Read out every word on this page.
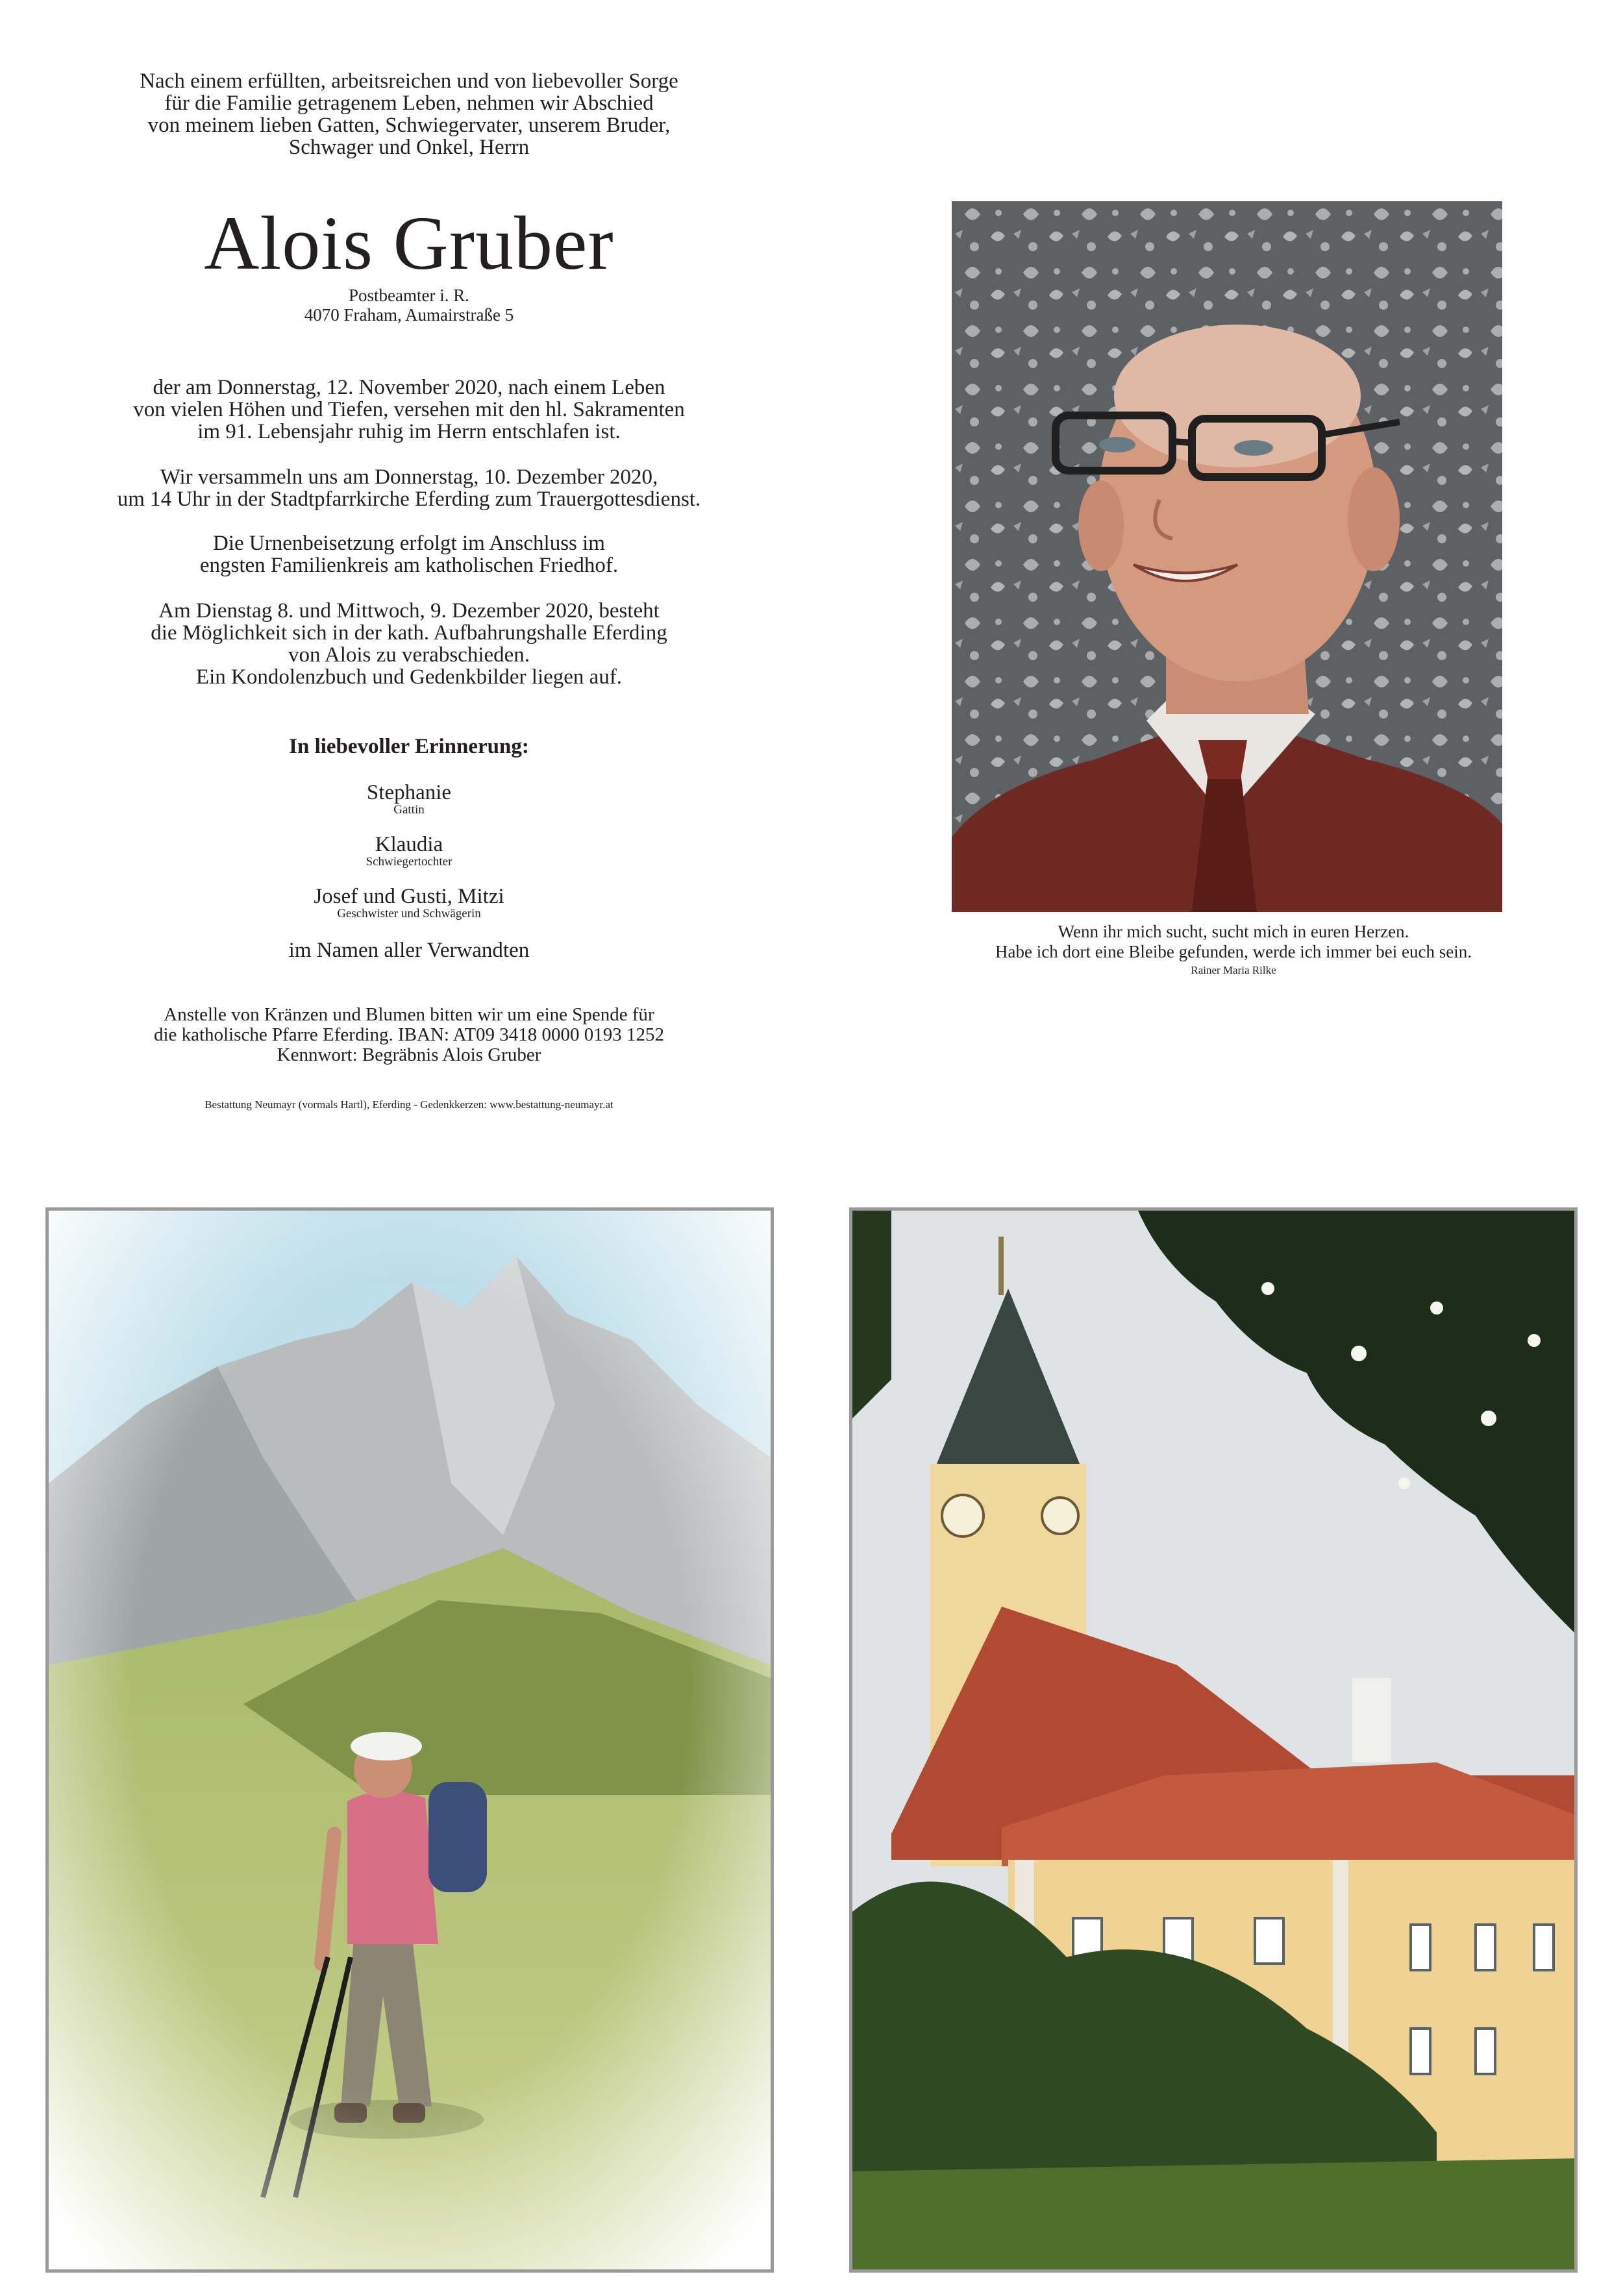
Nach einem erfüllten, arbeitsreichen und von liebevoller Sorge
für die Familie getragenem Leben, nehmen wir Abschied
von meinem lieben Gatten, Schwiegervater, unserem Bruder,
Schwager und Onkel, Herrn
Alois Gruber
Postbeamter i. R.
4070 Fraham, Aumairstraße 5
der am Donnerstag, 12. November 2020, nach einem Leben
von vielen Höhen und Tiefen, versehen mit den hl. Sakramenten
im 91. Lebensjahr ruhig im Herrn entschlafen ist.
Wir versammeln uns am Donnerstag, 10. Dezember 2020,
um 14 Uhr in der Stadtpfarrkirche Eferding zum Trauergottesdienst.
Die Urnenbeisetzung erfolgt im Anschluss im
engsten Familienkreis am katholischen Friedhof.
Am Dienstag 8. und Mittwoch, 9. Dezember 2020, besteht
die Möglichkeit sich in der kath. Aufbahrungshalle Eferding
von Alois zu verabschieden.
Ein Kondolenzbuch und Gedenkbilder liegen auf.
In liebevoller Erinnerung:
Stephanie
Gattin
Klaudia
Schwiegertochter
Josef und Gusti, Mitzi
Geschwister und Schwägerin
im Namen aller Verwandten
Anstelle von Kränzen und Blumen bitten wir um eine Spende für
die katholische Pfarre Eferding. IBAN: AT09 3418 0000 0193 1252
Kennwort: Begräbnis Alois Gruber
Bestattung Neumayr (vormals Hartl), Eferding - Gedenkkerzen: www.bestattung-neumayr.at
Wenn ihr mich sucht, sucht mich in euren Herzen.
Habe ich dort eine Bleibe gefunden, werde ich immer bei euch sein.
Rainer Maria Rilke
